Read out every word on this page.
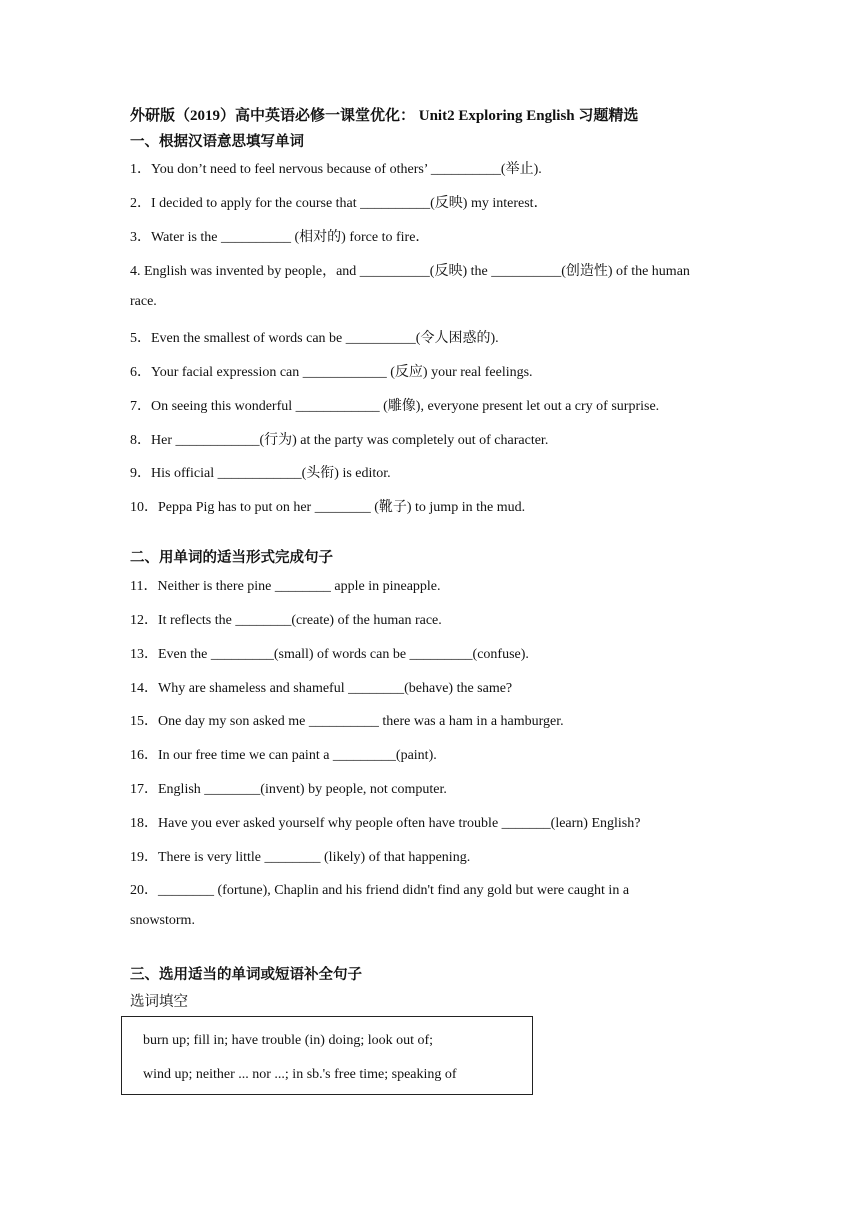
外研版（2019）高中英语必修一课堂优化： Unit2 Exploring English 习题精选
一、根据汉语意思填写单词
1．You don’t need to feel nervous because of others’ __________(举止).
2．I decided to apply for the course that __________(反映) my interest．
3．Water is the __________ (相对的) force to fire．
4. English was invented by people，and __________(反映) the __________(创造性) of the human
race.
5．Even the smallest of words can be __________(令人困惑的).
6．Your facial expression can ____________ (反应) your real feelings.
7．On seeing this wonderful ____________ (雕像), everyone present let out a cry of surprise.
8．Her ____________(行为) at the party was completely out of character.
9．His official ____________(头衔) is editor.
10．Peppa Pig has to put on her ________ (靴子) to jump in the mud.
二、用单词的适当形式完成句子
11．Neither is there pine ________ apple in pineapple.
12．It reflects the ________(create) of the human race.
13．Even the _________(small) of words can be _________(confuse).
14．Why are shameless and shameful ________(behave) the same?
15．One day my son asked me __________ there was a ham in a hamburger.
16．In our free time we can paint a _________(paint).
17．English ________(invent) by people, not computer.
18．Have you ever asked yourself why people often have trouble _______(learn) English?
19．There is very little ________ (likely) of that happening.
20．________ (fortune), Chaplin and his friend didn't find any gold but were caught in a
snowstorm.
三、选用适当的单词或短语补全句子
选词填空
burn up; fill in; have trouble (in) doing; look out of;
wind up; neither ... nor ...; in sb.'s free time; speaking of
